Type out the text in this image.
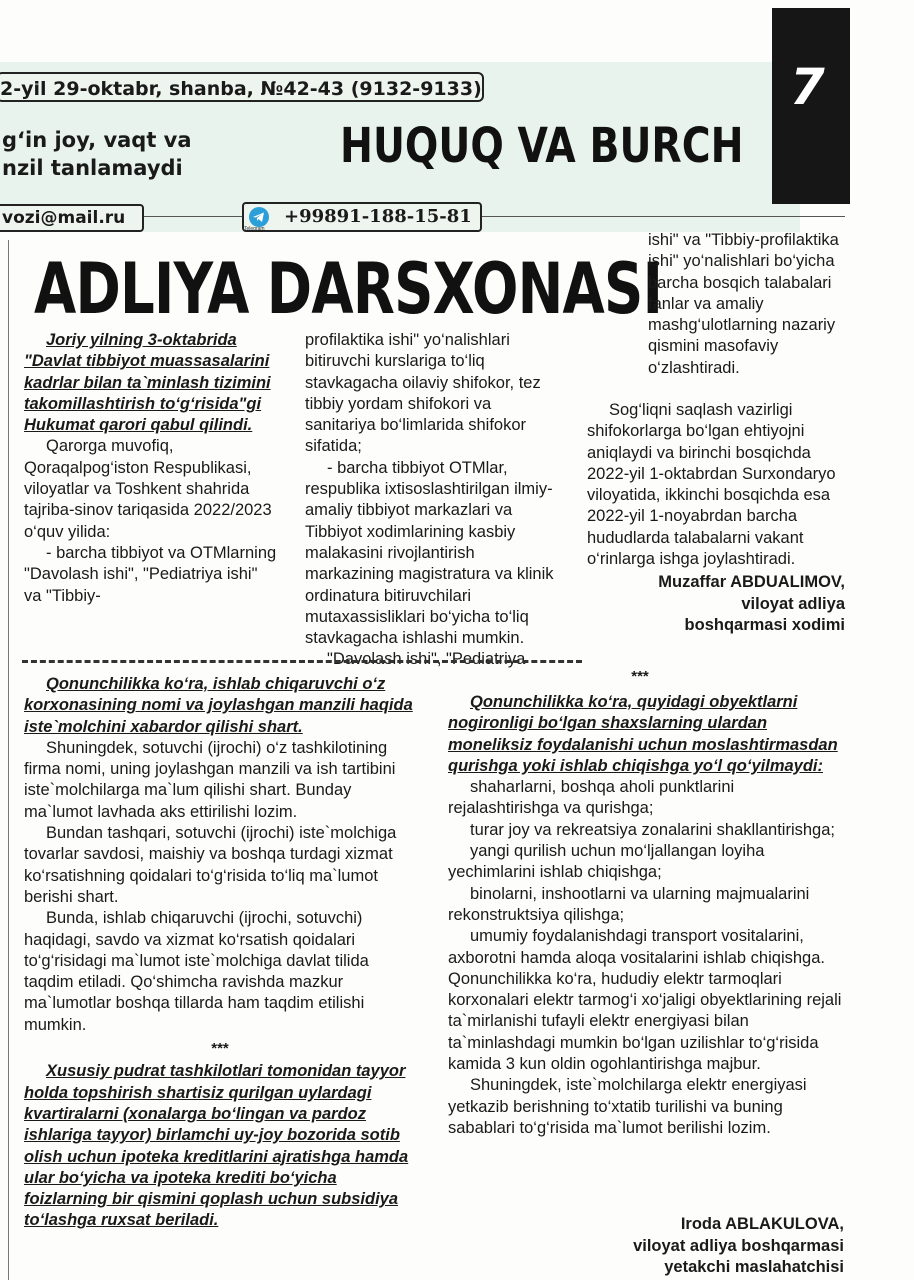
2-yil 29-oktabr, shanba, №42-43 (9132-9133)
g‘in joy, vaqt va
nzil tanlamaydi	HUQUQ VA BURCH
7
vozi@mail.ru	+99891-188-15-81
Telegram
ADLIYA DARSXONASI

Joriy yilning 3-oktabrida "Davlat tibbiyot muassasalarini kadrlar bilan ta`minlash tizimini takomillashtirish to‘g‘risida"gi Hukumat qarori qabul qilindi.

Qarorga muvofiq, Qoraqalpog‘iston Respublikasi, viloyatlar va Toshkent shahrida tajriba-sinov tariqasida 2022/2023 o‘quv yilida:

- barcha tibbiyot va OTMlarning "Davolash ishi", "Pediatriya ishi" va "Tibbiy-

profilaktika ishi" yo‘nalishlari bitiruvchi kurslariga to‘liq stavkagacha oilaviy shifokor, tez tibbiy yordam shifokori va sanitariya bo‘limlarida shifokor sifatida;

- barcha tibbiyot OTMlar, respublika ixtisoslashtirilgan ilmiy-amaliy tibbiyot markazlari va Tibbiyot xodimlarining kasbiy malakasini rivojlantirish markazining magistratura va klinik ordinatura bitiruvchilari mutaxassisliklari bo‘yicha to‘liq stavkagacha ishlashi mumkin.

"Davolash ishi", "Pediatriya

ishi" va "Tibbiy-profilaktika ishi" yo‘nalishlari bo‘yicha barcha bosqich talabalari fanlar va amaliy mashg‘ulotlarning nazariy qismini masofaviy o‘zlashtiradi.

Sog‘liqni saqlash vazirligi shifokorlarga bo‘lgan ehtiyojni aniqlaydi va birinchi bosqichda 2022-yil 1-oktabrdan Surxondaryo viloyatida, ikkinchi bosqichda esa 2022-yil 1-noyabrdan barcha hududlarda talabalarni vakant o‘rinlarga ishga joylashtiradi.

Muzaffar ABDUALIMOV,
viloyat adliya
boshqarmasi xodimi
***

Qonunchilikka ko‘ra, ishlab chiqaruvchi o‘z korxonasining nomi va joylashgan manzili haqida iste`molchini xabardor qilishi shart.

Shuningdek, sotuvchi (ijrochi) o‘z tashkilotining firma nomi, uning joylashgan manzili va ish tartibini iste`molchilarga ma`lum qilishi shart. Bunday ma`lumot lavhada aks ettirilishi lozim.

Bundan tashqari, sotuvchi (ijrochi) iste`molchiga tovarlar savdosi, maishiy va boshqa turdagi xizmat ko‘rsatishning qoidalari to‘g‘risida to‘liq ma`lumot berishi shart.

Bunda, ishlab chiqaruvchi (ijrochi, sotuvchi) haqidagi, savdo va xizmat ko‘rsatish qoidalari to‘g‘risidagi ma`lumot iste`molchiga davlat tilida taqdim etiladi. Qo‘shimcha ravishda mazkur ma`lumotlar boshqa tillarda ham taqdim etilishi mumkin.

***

Xususiy pudrat tashkilotlari tomonidan tayyor holda topshirish shartisiz qurilgan uylardagi kvartiralarni (xonalarga bo‘lingan va pardoz ishlariga tayyor) birlamchi uy-joy bozorida sotib olish uchun ipoteka kreditlarini ajratishga hamda ular bo‘yicha va ipoteka krediti bo‘yicha foizlarning bir qismini qoplash uchun subsidiya to‘lashga ruxsat beriladi.

Qonunchilikka ko‘ra, quyidagi obyektlarni nogironligi bo‘lgan shaxslarning ulardan moneliksiz foydalanishi uchun moslashtirmasdan qurishga yoki ishlab chiqishga yo‘l qo‘yilmaydi:

shaharlarni, boshqa aholi punktlarini rejalashtirishga va qurishga;

turar joy va rekreatsiya zonalarini shakllantirishga;

yangi qurilish uchun mo‘ljallangan loyiha yechimlarini ishlab chiqishga;

binolarni, inshootlarni va ularning majmualarini rekonstruktsiya qilishga;

umumiy foydalanishdagi transport vositalarini, axborotni hamda aloqa vositalarini ishlab chiqishga. Qonunchilikka ko‘ra, hududiy elektr tarmoqlari korxonalari elektr tarmog‘i xo‘jaligi obyektlarining rejali ta`mirlanishi tufayli elektr energiyasi bilan ta`minlashdagi mumkin bo‘lgan uzilishlar to‘g‘risida kamida 3 kun oldin ogohlantirishga majbur.

Shuningdek, iste`molchilarga elektr energiyasi yetkazib berishning to‘xtatib turilishi va buning sabablari to‘g‘risida ma`lumot berilishi lozim.

Iroda ABLAKULOVA,
viloyat adliya boshqarmasi
yetakchi maslahatchisi
